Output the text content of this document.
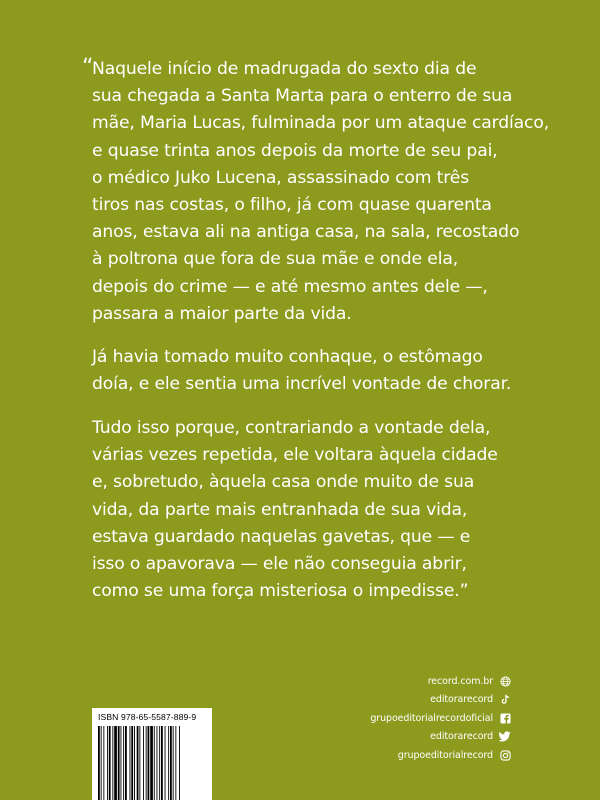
“
Naquele início de madrugada do sexto dia de
sua chegada a Santa Marta para o enterro de sua
mãe, Maria Lucas, fulminada por um ataque cardíaco,
e quase trinta anos depois da morte de seu pai,
o médico Juko Lucena, assassinado com três
tiros nas costas, o filho, já com quase quarenta
anos, estava ali na antiga casa, na sala, recostado
à poltrona que fora de sua mãe e onde ela,
depois do crime — e até mesmo antes dele —,
passara a maior parte da vida.
Já havia tomado muito conhaque, o estômago
doía, e ele sentia uma incrível vontade de chorar.
Tudo isso porque, contrariando a vontade dela,
várias vezes repetida, ele voltara àquela cidade
e, sobretudo, àquela casa onde muito de sua
vida, da parte mais entranhada de sua vida,
estava guardado naquelas gavetas, que — e
isso o apavorava — ele não conseguia abrir,
como se uma força misteriosa o impedisse.”
record.com.br
editorarecord
grupoeditorialrecordoficial
editorarecord
grupoeditorialrecord
ISBN 978-65-5587-889-9
